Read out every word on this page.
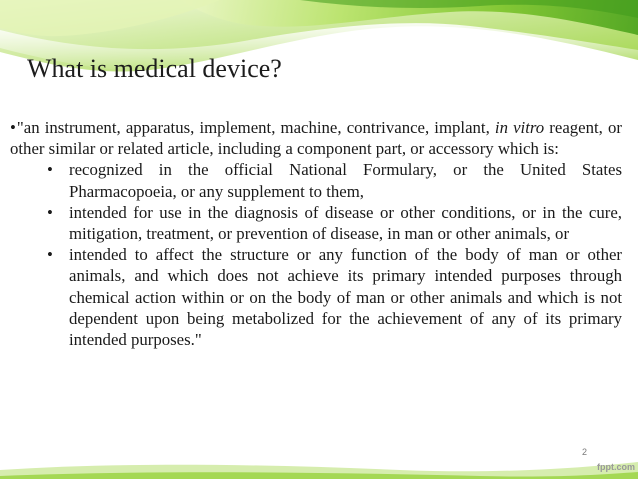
What is medical device?

•"an instrument, apparatus, implement, machine, contrivance, implant, in vitro reagent, or other similar or related article, including a component part, or accessory which is:

• recognized in the official National Formulary, or the United States Pharmacopoeia, or any supplement to them,
• intended for use in the diagnosis of disease or other conditions, or in the cure, mitigation, treatment, or prevention of disease, in man or other animals, or
• intended to affect the structure or any function of the body of man or other animals, and which does not achieve its primary intended purposes through chemical action within or on the body of man or other animals and which is not dependent upon being metabolized for the achievement of any of its primary intended purposes."
2
fppt.com
